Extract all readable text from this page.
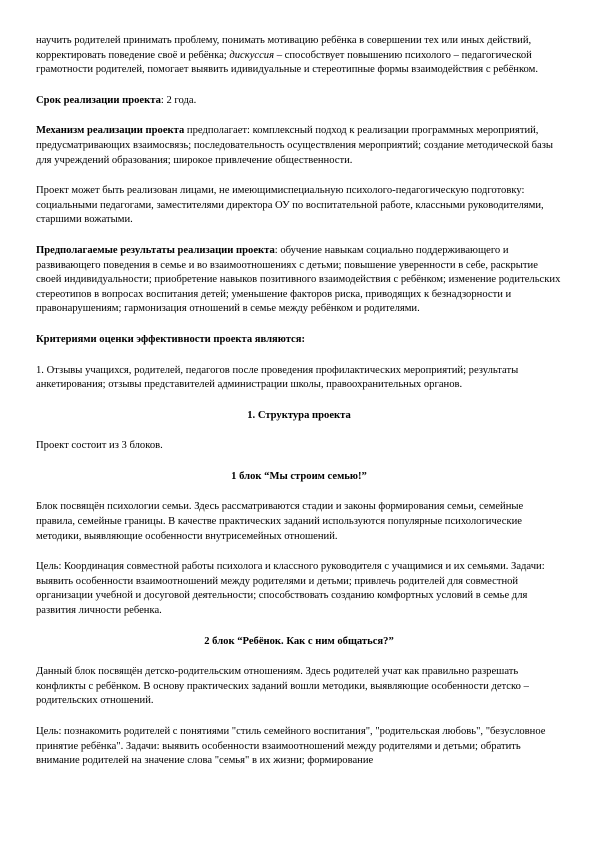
научить родителей принимать проблему, понимать мотивацию ребёнка в совершении тех или иных действий, корректировать поведение своё и ребёнка; дискуссия – способствует повышению психолого – педагогической грамотности родителей, помогает выявить идивидуальные и стереотипные формы взаимодействия с ребёнком.

Срок реализации проекта: 2 года.

Механизм реализации проекта предполагает: комплексный подход к реализации программных мероприятий, предусматривающих взаимосвязь; последовательность осуществления мероприятий; создание методической базы для учреждений образования; широкое привлечение общественности.

Проект может быть реализован лицами, не имеющимиспециальную психолого-педагогическую подготовку: социальными педагогами, заместителями директора ОУ по воспитательной работе, классными руководителями, старшими вожатыми.

Предполагаемые результаты реализации проекта: обучение навыкам социально поддерживающего и развивающего поведения в семье и во взаимоотношениях с детьми; повышение уверенности в себе, раскрытие своей индивидуальности; приобретение навыков позитивного взаимодействия с ребёнком; изменение родительских стереотипов в вопросах воспитания детей; уменьшение факторов риска, приводящих к безнадзорности и правонарушениям; гармонизация отношений в семье между ребёнком и родителями.

Критериями оценки эффективности проекта являются:

1. Отзывы учащихся, родителей, педагогов после проведения профилактических мероприятий; результаты анкетирования; отзывы представителей администрации школы, правоохранительных органов.

1. Структура проекта

Проект состоит из 3 блоков.

1 блок “Мы строим семью!”

Блок посвящён психологии семьи. Здесь рассматриваются стадии и законы формирования семьи, семейные правила, семейные границы. В качестве практических заданий используются популярные психологические методики, выявляющие особенности внутрисемейных отношений.

Цель: Координация совместной работы психолога и классного руководителя с учащимися и их семьями. Задачи: выявить особенности взаимоотношений между родителями и детьми; привлечь родителей для совместной организации учебной и досуговой деятельности; способствовать созданию комфортных условий в семье для развития личности ребенка.

2 блок “Ребёнок. Как с ним общаться?”

Данный блок посвящён детско-родительским отношениям. Здесь родителей учат как правильно разрешать конфликты с ребёнком. В основу практических заданий вошли методики, выявляющие особенности детско – родительских отношений.

Цель: познакомить родителей с понятиями "стиль семейного воспитания", "родительская любовь", "безусловное принятие ребёнка". Задачи: выявить особенности взаимоотношений между родителями и детьми; обратить внимание родителей на значение слова "семья" в их жизни; формирование
